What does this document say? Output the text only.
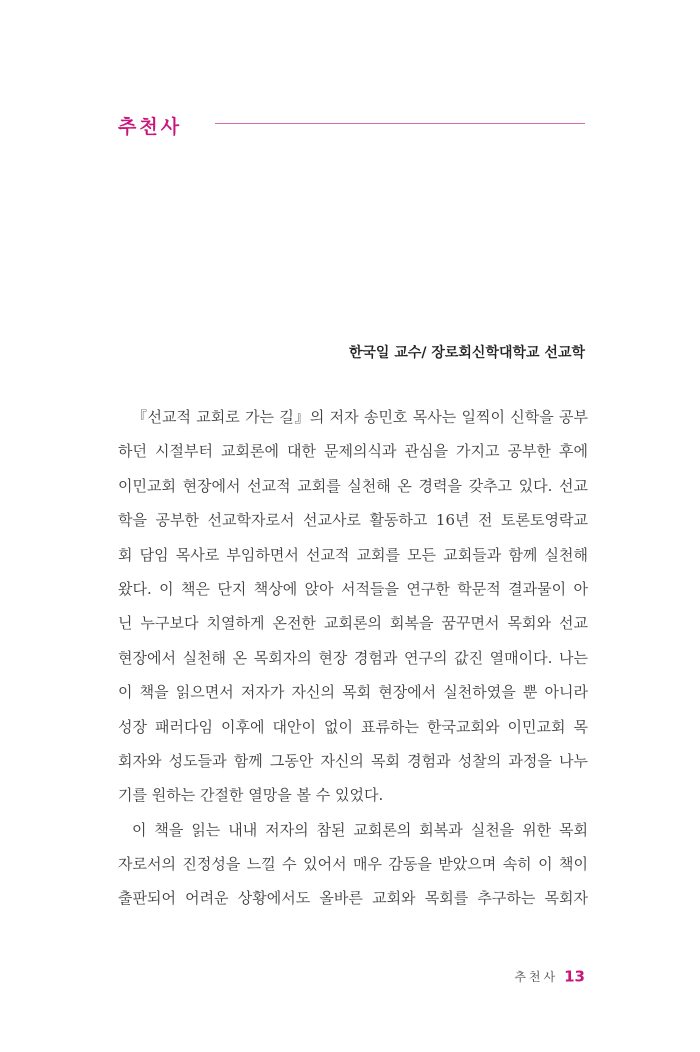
추천사
한국일 교수/ 장로회신학대학교 선교학
『선교적 교회로 가는 길』의 저자 송민호 목사는 일찍이 신학을 공부
하던 시절부터 교회론에 대한 문제의식과 관심을 가지고 공부한 후에
이민교회 현장에서 선교적 교회를 실천해 온 경력을 갖추고 있다. 선교
학을 공부한 선교학자로서 선교사로 활동하고 16년 전 토론토영락교
회 담임 목사로 부임하면서 선교적 교회를 모든 교회들과 함께 실천해
왔다. 이 책은 단지 책상에 앉아 서적들을 연구한 학문적 결과물이 아
닌 누구보다 치열하게 온전한 교회론의 회복을 꿈꾸면서 목회와 선교
현장에서 실천해 온 목회자의 현장 경험과 연구의 값진 열매이다. 나는
이 책을 읽으면서 저자가 자신의 목회 현장에서 실천하였을 뿐 아니라
성장 패러다임 이후에 대안이 없이 표류하는 한국교회와 이민교회 목
회자와 성도들과 함께 그동안 자신의 목회 경험과 성찰의 과정을 나누
기를 원하는 간절한 열망을 볼 수 있었다.
이 책을 읽는 내내 저자의 참된 교회론의 회복과 실천을 위한 목회
자로서의 진정성을 느낄 수 있어서 매우 감동을 받았으며 속히 이 책이
출판되어 어려운 상황에서도 올바른 교회와 목회를 추구하는 목회자
추천사 13
